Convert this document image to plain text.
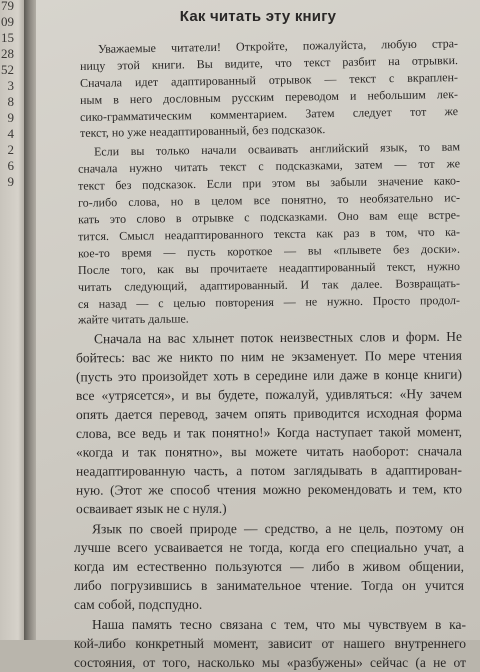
79
09
15
28
52
3
8
9
4
2
6
9
Как читать эту книгу
Уважаемые читатели! Откройте, пожалуйста, любую стра-
ницу этой книги. Вы видите, что текст разбит на отрывки.
Сначала идет адаптированный отрывок — текст с вкраплен-
ным в него дословным русским переводом и небольшим лек-
сико-грамматическим комментарием. Затем следует тот же
текст, но уже неадаптированный, без подсказок.
Если вы только начали осваивать английский язык, то вам
сначала нужно читать текст с подсказками, затем — тот же
текст без подсказок. Если при этом вы забыли значение како-
го-либо слова, но в целом все понятно, то необязательно ис-
кать это слово в отрывке с подсказками. Оно вам еще встре-
тится. Смысл неадаптированного текста как раз в том, что ка-
кое-то время — пусть короткое — вы «плывете без доски».
После того, как вы прочитаете неадаптированный текст, нужно
читать следующий, адаптированный. И так далее. Возвращать-
ся назад — с целью повторения — не нужно. Просто продол-
жайте читать дальше.
Сначала на вас хлынет поток неизвестных слов и форм. Не
бойтесь: вас же никто по ним не экзаменует. По мере чтения
(пусть это произойдет хоть в середине или даже в конце книги)
все «утрясется», и вы будете, пожалуй, удивляться: «Ну зачем
опять дается перевод, зачем опять приводится исходная форма
слова, все ведь и так понятно!» Когда наступает такой момент,
«когда и так понятно», вы можете читать наоборот: сначала
неадаптированную часть, а потом заглядывать в адаптирован-
ную. (Этот же способ чтения можно рекомендовать и тем, кто
осваивает язык не с нуля.)
Язык по своей природе — средство, а не цель, поэтому он
лучше всего усваивается не тогда, когда его специально учат, а
когда им естественно пользуются — либо в живом общении,
либо погрузившись в занимательное чтение. Тогда он учится
сам собой, подспудно.
Наша память тесно связана с тем, что мы чувствуем в ка-
кой-либо конкретный момент, зависит от нашего внутреннего
состояния, от того, насколько мы «разбужены» сейчас (а не от
